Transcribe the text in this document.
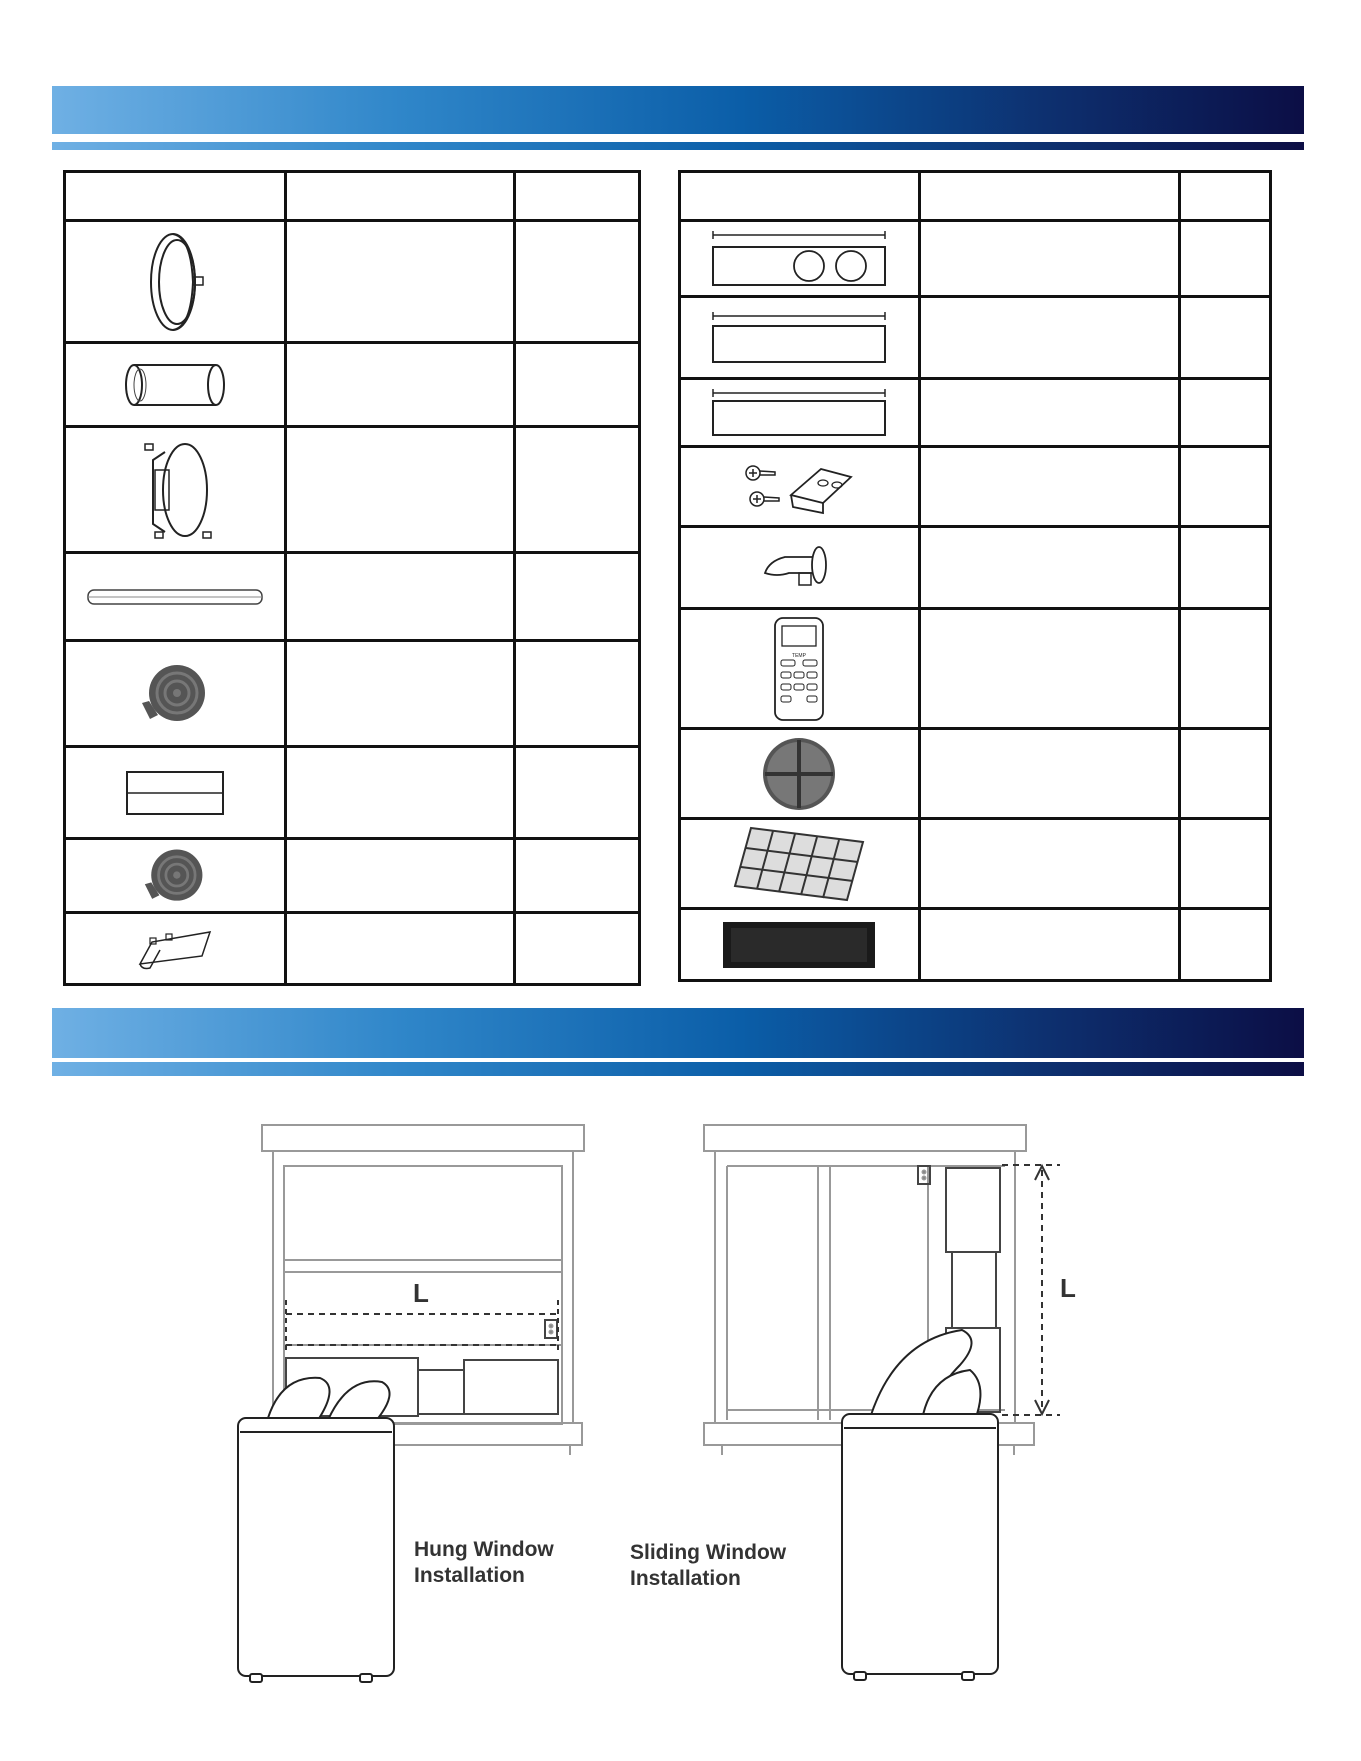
TEMP		

L	L
Hung Window
Installation
Sliding Window
Installation
